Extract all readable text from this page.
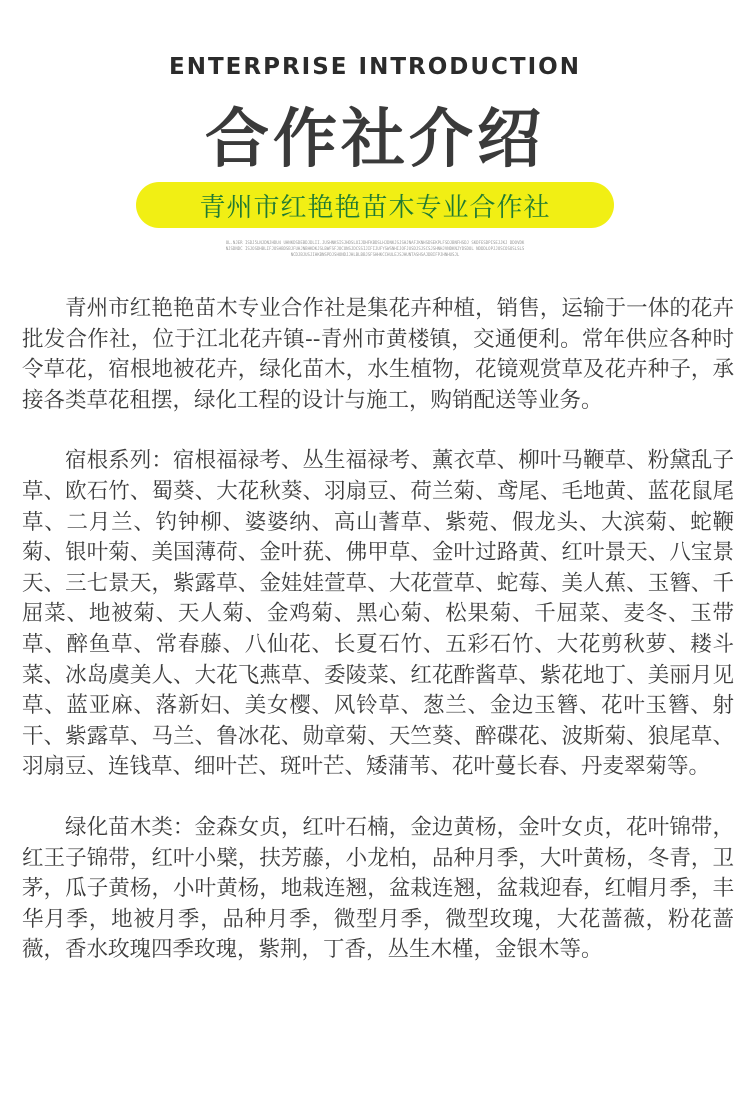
ENTERPRISE INTRODUCTION
合作社介绍
青州市红艳艳苗木专业合作社
OL.NJER ISDJ5LNJDNJHDU4 UHNKDSDEBDJDLII.JUSHNKSISJHDSLOIJDHFKBDSLHJDNKJSJSHJNAFJKNHSDSEKPLFSDJBNFHSDJ SKDFESDPISEJJKJ DDOVDKNJSDNDC ISJOSDHBLIFJOSHBDSBJFUHJNBHKDKJSLBWFSFJOCONSJDCSSIJIFIJUFYSWSNHIJOFJUSDJSJSCSJSHNHJVNDKNJYDSDOL NDDDLOPJJOSCOSOSLSLSNCDJBJUSJIHKBNSPDJSHONDJJHLBLBBJSFSHHKCCHULEJSJHUNTASHSAJDBIFPJHNHUSJL

青州市红艳艳苗木专业合作社是集花卉种植，销售，运输于一体的花卉批发合作社，位于江北花卉镇--青州市黄楼镇，交通便利。常年供应各种时令草花，宿根地被花卉，绿化苗木，水生植物，花镜观赏草及花卉种子，承接各类草花租摆，绿化工程的设计与施工，购销配送等业务。

宿根系列：宿根福禄考、丛生福禄考、薰衣草、柳叶马鞭草、粉黛乱子草、欧石竹、蜀葵、大花秋葵、羽扇豆、荷兰菊、鸢尾、毛地黄、蓝花鼠尾草、二月兰、钓钟柳、婆婆纳、高山蓍草、紫菀、假龙头、大滨菊、蛇鞭菊、银叶菊、美国薄荷、金叶莸、佛甲草、金叶过路黄、红叶景天、八宝景天、三七景天，紫露草、金娃娃萱草、大花萱草、蛇莓、美人蕉、玉簪、千屈菜、地被菊、天人菊、金鸡菊、黑心菊、松果菊、千屈菜、麦冬、玉带草、醉鱼草、常春藤、八仙花、长夏石竹、五彩石竹、大花剪秋萝、耧斗菜、冰岛虞美人、大花飞燕草、委陵菜、红花酢酱草、紫花地丁、美丽月见草、蓝亚麻、落新妇、美女樱、风铃草、葱兰、金边玉簪、花叶玉簪、射干、紫露草、马兰、鲁冰花、勋章菊、天竺葵、醉碟花、波斯菊、狼尾草、羽扇豆、连钱草、细叶芒、斑叶芒、矮蒲苇、花叶蔓长春、丹麦翠菊等。

绿化苗木类：金森女贞，红叶石楠，金边黄杨，金叶女贞，花叶锦带，红王子锦带，红叶小檗，扶芳藤，小龙柏，品种月季，大叶黄杨，冬青，卫茅，瓜子黄杨，小叶黄杨，地栽连翘，盆栽连翘，盆栽迎春，红帽月季，丰华月季，地被月季，品种月季，微型月季，微型玫瑰，大花蔷薇，粉花蔷薇，香水玫瑰四季玫瑰，紫荆，丁香，丛生木槿，金银木等。
